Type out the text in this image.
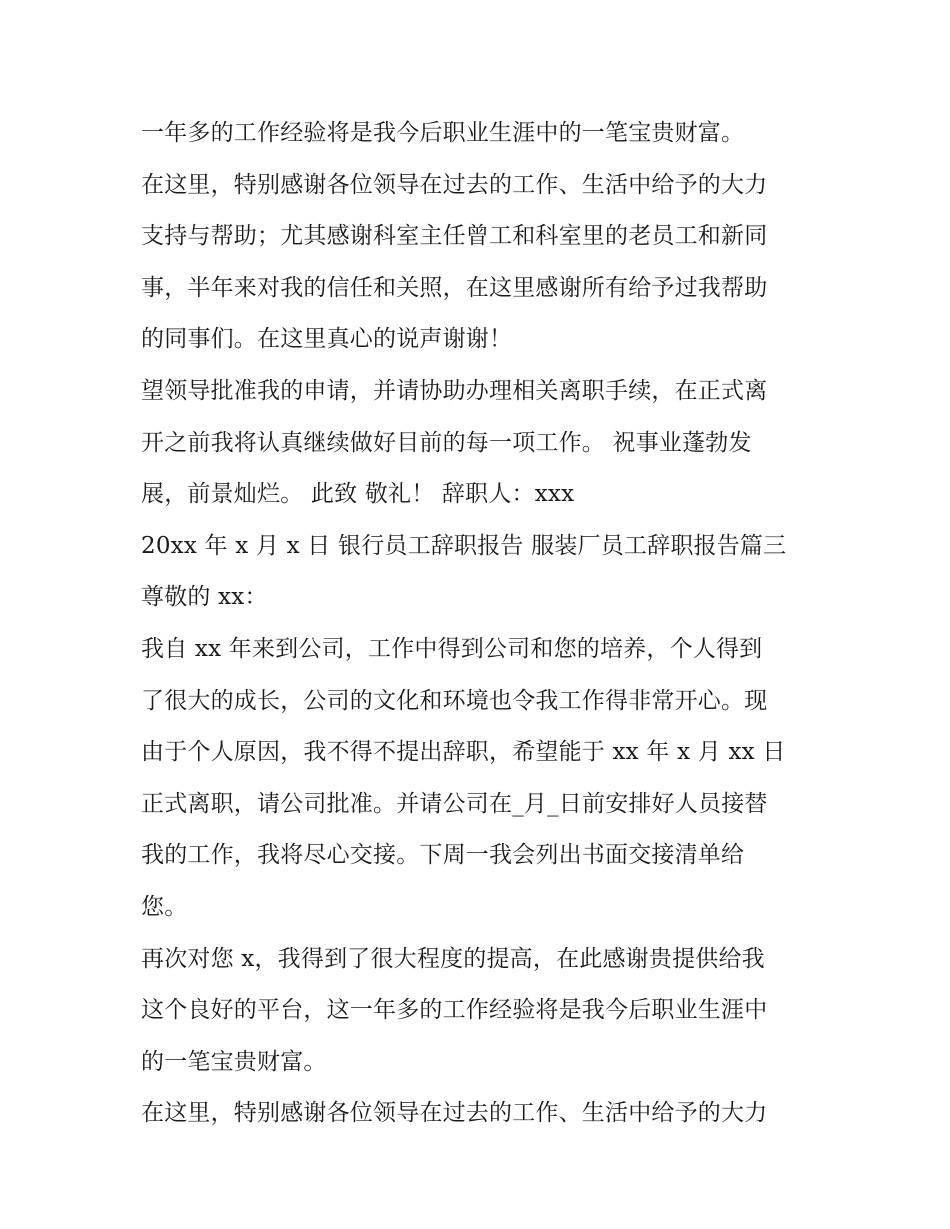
一年多的工作经验将是我今后职业生涯中的一笔宝贵财富。
在这里，特别感谢各位领导在过去的工作、生活中给予的大力
支持与帮助；尤其感谢科室主任曾工和科室里的老员工和新同
事，半年来对我的信任和关照，在这里感谢所有给予过我帮助
的同事们。在这里真心的说声谢谢！
望领导批准我的申请，并请协助办理相关离职手续，在正式离
开之前我将认真继续做好目前的每一项工作。 祝事业蓬勃发
展，前景灿烂。 此致 敬礼！ 辞职人：xxx
20xx 年 x 月 x 日 银行员工辞职报告 服装厂员工辞职报告篇三
尊敬的 xx：
我自 xx 年来到公司，工作中得到公司和您的培养，个人得到
了很大的成长，公司的文化和环境也令我工作得非常开心。现
由于个人原因，我不得不提出辞职，希望能于 xx 年 x 月 xx 日
正式离职，请公司批准。并请公司在_月_日前安排好人员接替
我的工作，我将尽心交接。下周一我会列出书面交接清单给
您。
再次对您 x，我得到了很大程度的提高，在此感谢贵提供给我
这个良好的平台，这一年多的工作经验将是我今后职业生涯中
的一笔宝贵财富。
在这里，特别感谢各位领导在过去的工作、生活中给予的大力
